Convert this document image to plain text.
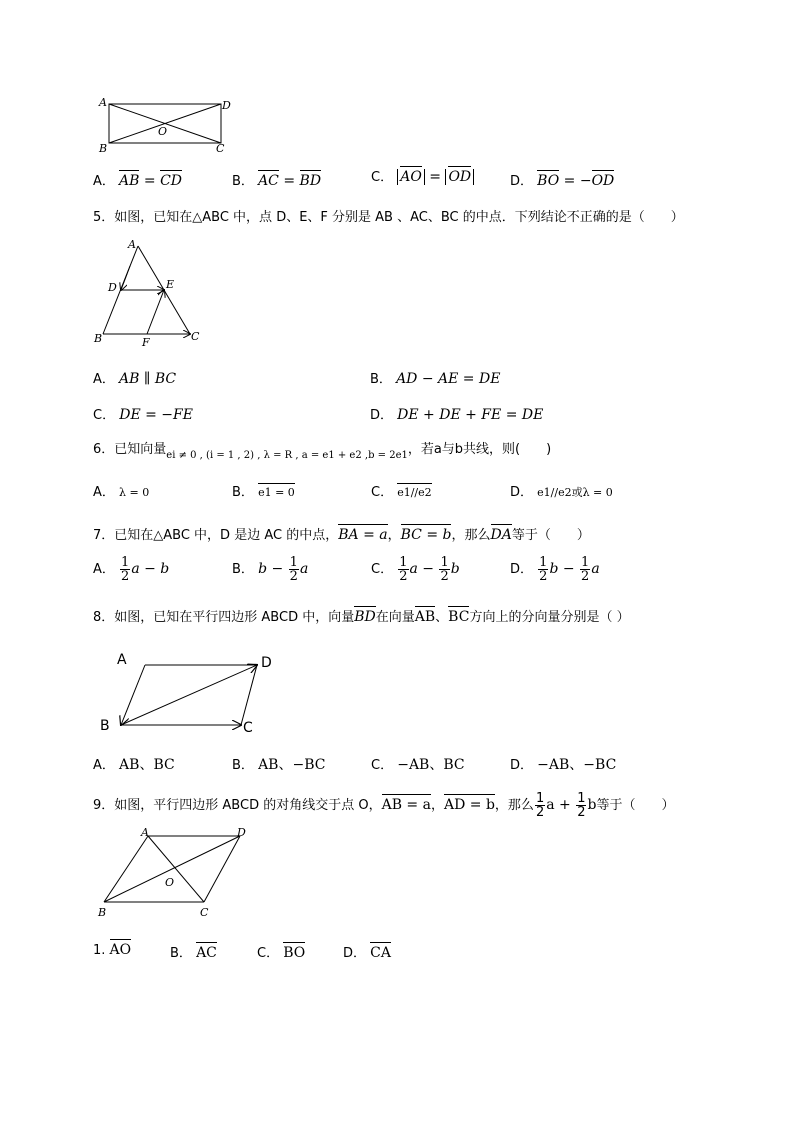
A	D
B	C
O
A． AB = CD	B． AC = BD	C． AO = OD	D． BO = −OD
5．如图，已知在△ABC 中，点 D、E、F 分别是 AB 、AC、BC 的中点．下列结论不正确的是（　　）
A
D	E
B	F	C
A． AB ∥ BC	B． AD − AE = DE
C． DE = −FE	D． DE + DE + FE = DE
6．已知向量$_{ei \ne 0 , (i = 1 , 2) , \lambda = R , a = e1 + e2 ,b = 2e1}$，若a与b共线，则(　　)
A． λ = 0	B． e1 = 0	C． e1//e2	D． e1//e2或λ = 0
7．已知在△ABC 中，D 是边 AC 的中点，BA = a，BC = b，那么DA等于（　　）
A． $\frac{1}{2}$ a − b	B． $b - \frac{1}{2}$ a	C． $\frac{1}{2}$ $a - \frac{1}{2}$ b	D． $\frac{1}{2}$ $b - \frac{1}{2}$ a
8．如图，已知在平行四边形 ABCD 中，向量BD在向量AB、BC方向上的分向量分别是（ ）
A	D
B	C
A． AB、BC	B． AB、−BC	C． −AB、BC	D． −AB、−BC
9．如图，平行四边形 ABCD 的对角线交于点 O，AB = a，AD = b，那么 $\frac{1}{2}$ $a + \frac{1}{2}$ b等于（　　）
A	D
B	C
O
1. AO	B． AC	C． BO	D． CA
